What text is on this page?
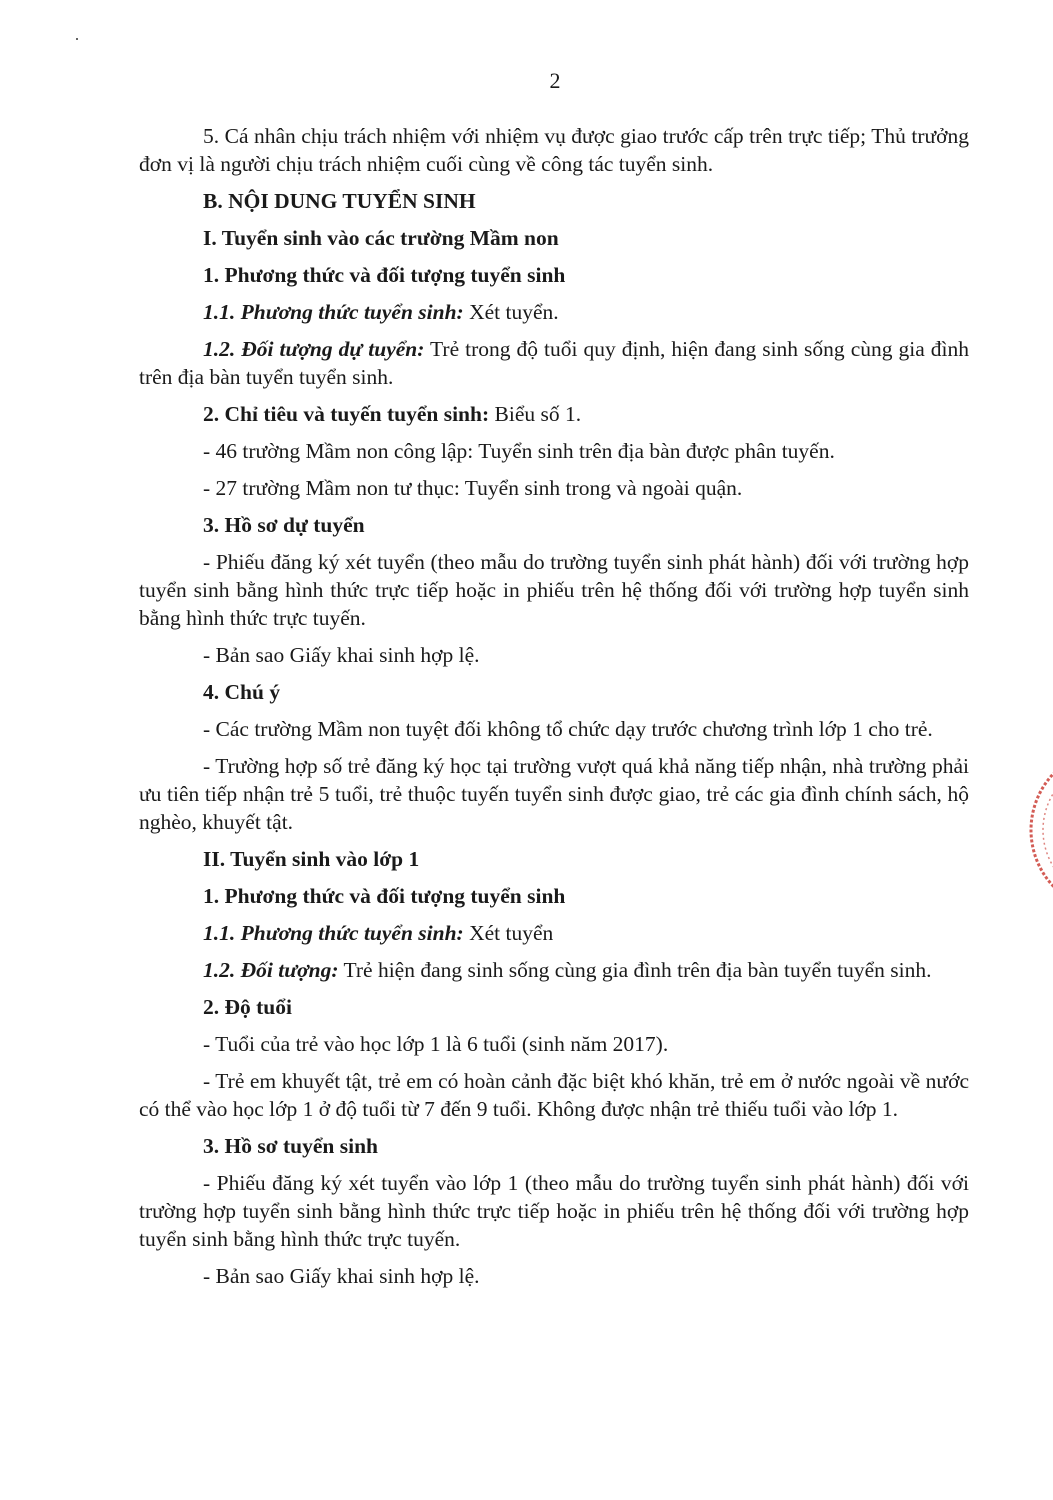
2

5. Cá nhân chịu trách nhiệm với nhiệm vụ được giao trước cấp trên trực tiếp; Thủ trưởng đơn vị là người chịu trách nhiệm cuối cùng về công tác tuyển sinh.

B. NỘI DUNG TUYỂN SINH

I. Tuyển sinh vào các trường Mầm non

1. Phương thức và đối tượng tuyển sinh

1.1. Phương thức tuyển sinh: Xét tuyển.

1.2. Đối tượng dự tuyển: Trẻ trong độ tuổi quy định, hiện đang sinh sống cùng gia đình trên địa bàn tuyển tuyển sinh.

2. Chỉ tiêu và tuyến tuyển sinh: Biểu số 1.

- 46 trường Mầm non công lập: Tuyển sinh trên địa bàn được phân tuyến.

- 27 trường Mầm non tư thục: Tuyển sinh trong và ngoài quận.

3. Hồ sơ dự tuyển

- Phiếu đăng ký xét tuyển (theo mẫu do trường tuyển sinh phát hành) đối với trường hợp tuyển sinh bằng hình thức trực tiếp hoặc in phiếu trên hệ thống đối với trường hợp tuyển sinh bằng hình thức trực tuyến.

- Bản sao Giấy khai sinh hợp lệ.

4. Chú ý

- Các trường Mầm non tuyệt đối không tổ chức dạy trước chương trình lớp 1 cho trẻ.

- Trường hợp số trẻ đăng ký học tại trường vượt quá khả năng tiếp nhận, nhà trường phải ưu tiên tiếp nhận trẻ 5 tuổi, trẻ thuộc tuyến tuyển sinh được giao, trẻ các gia đình chính sách, hộ nghèo, khuyết tật.

II. Tuyển sinh vào lớp 1

1. Phương thức và đối tượng tuyển sinh

1.1. Phương thức tuyển sinh: Xét tuyển

1.2. Đối tượng: Trẻ hiện đang sinh sống cùng gia đình trên địa bàn tuyển tuyển sinh.

2. Độ tuổi

- Tuổi của trẻ vào học lớp 1 là 6 tuổi (sinh năm 2017).

- Trẻ em khuyết tật, trẻ em có hoàn cảnh đặc biệt khó khăn, trẻ em ở nước ngoài về nước có thể vào học lớp 1 ở độ tuổi từ 7 đến 9 tuổi. Không được nhận trẻ thiếu tuổi vào lớp 1.

3. Hồ sơ tuyển sinh

- Phiếu đăng ký xét tuyển vào lớp 1 (theo mẫu do trường tuyển sinh phát hành) đối với trường hợp tuyển sinh bằng hình thức trực tiếp hoặc in phiếu trên hệ thống đối với trường hợp tuyển sinh bằng hình thức trực tuyến.

- Bản sao Giấy khai sinh hợp lệ.
